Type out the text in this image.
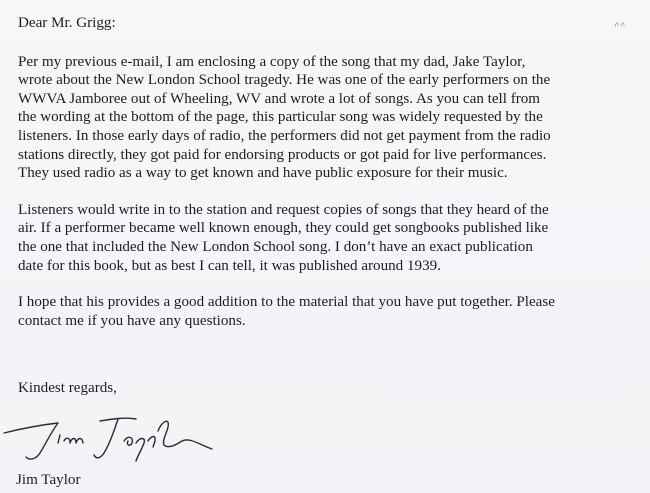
Dear Mr. Grigg:

Per my previous e-mail, I am enclosing a copy of the song that my dad, Jake Taylor,
wrote about the New London School tragedy. He was one of the early performers on the
WWVA Jamboree out of Wheeling, WV and wrote a lot of songs. As you can tell from
the wording at the bottom of the page, this particular song was widely requested by the
listeners. In those early days of radio, the performers did not get payment from the radio
stations directly, they got paid for endorsing products or got paid for live performances.
They used radio as a way to get known and have public exposure for their music.

Listeners would write in to the station and request copies of songs that they heard of the
air. If a performer became well known enough, they could get songbooks published like
the one that included the New London School song. I don’t have an exact publication
date for this book, but as best I can tell, it was published around 1939.

I hope that his provides a good addition to the material that you have put together. Please
contact me if you have any questions.

Kindest regards,
Jim Taylor
